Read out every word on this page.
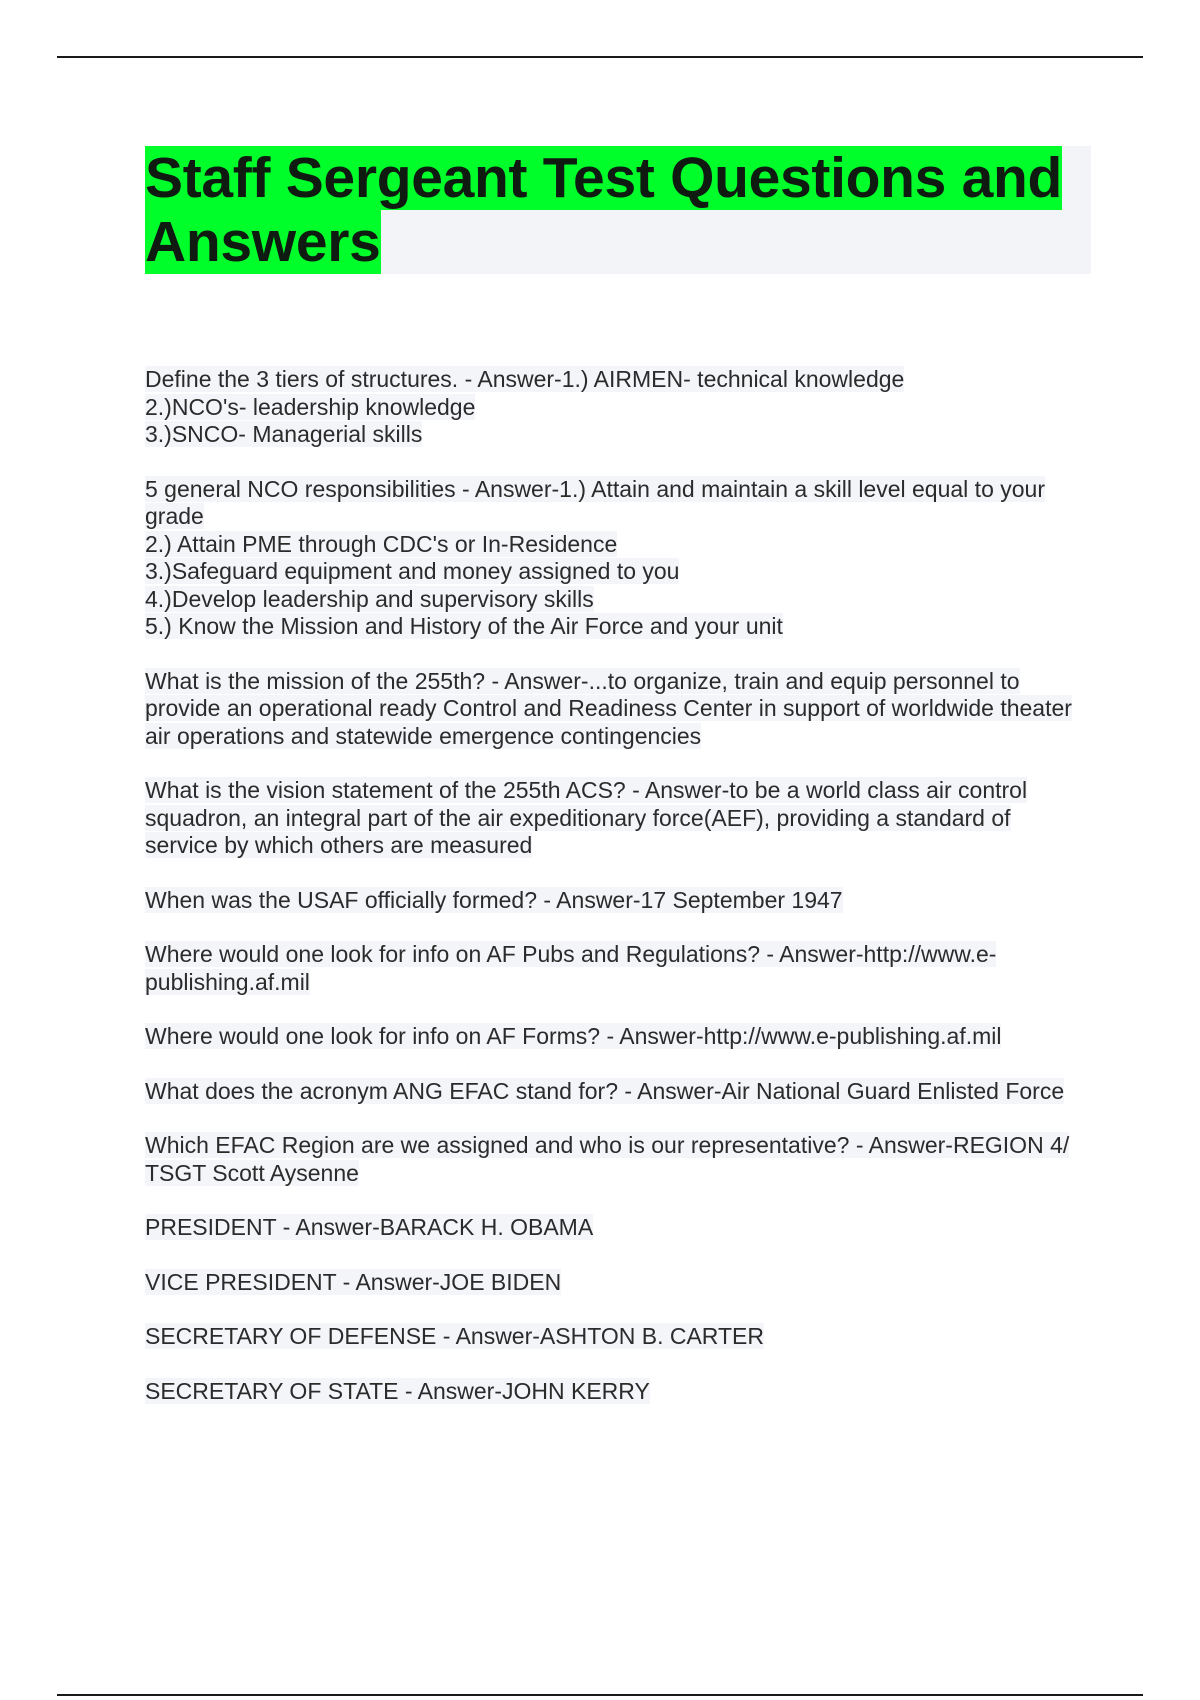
Staff Sergeant Test Questions and Answers
Define the 3 tiers of structures. - Answer-1.) AIRMEN- technical knowledge
2.)NCO's- leadership knowledge
3.)SNCO- Managerial skills
5 general NCO responsibilities - Answer-1.) Attain and maintain a skill level equal to your grade
2.) Attain PME through CDC's or In-Residence
3.)Safeguard equipment and money assigned to you
4.)Develop leadership and supervisory skills
5.) Know the Mission and History of the Air Force and your unit
What is the mission of the 255th? - Answer-...to organize, train and equip personnel to provide an operational ready Control and Readiness Center in support of worldwide theater air operations and statewide emergence contingencies
What is the vision statement of the 255th ACS? - Answer-to be a world class air control squadron, an integral part of the air expeditionary force(AEF), providing a standard of service by which others are measured
When was the USAF officially formed? - Answer-17 September 1947
Where would one look for info on AF Pubs and Regulations? - Answer-http://www.e-publishing.af.mil
Where would one look for info on AF Forms? - Answer-http://www.e-publishing.af.mil
What does the acronym ANG EFAC stand for? - Answer-Air National Guard Enlisted Force
Which EFAC Region are we assigned and who is our representative? - Answer-REGION 4/ TSGT Scott Aysenne
PRESIDENT - Answer-BARACK H. OBAMA
VICE PRESIDENT - Answer-JOE BIDEN
SECRETARY OF DEFENSE - Answer-ASHTON B. CARTER
SECRETARY OF STATE - Answer-JOHN KERRY
